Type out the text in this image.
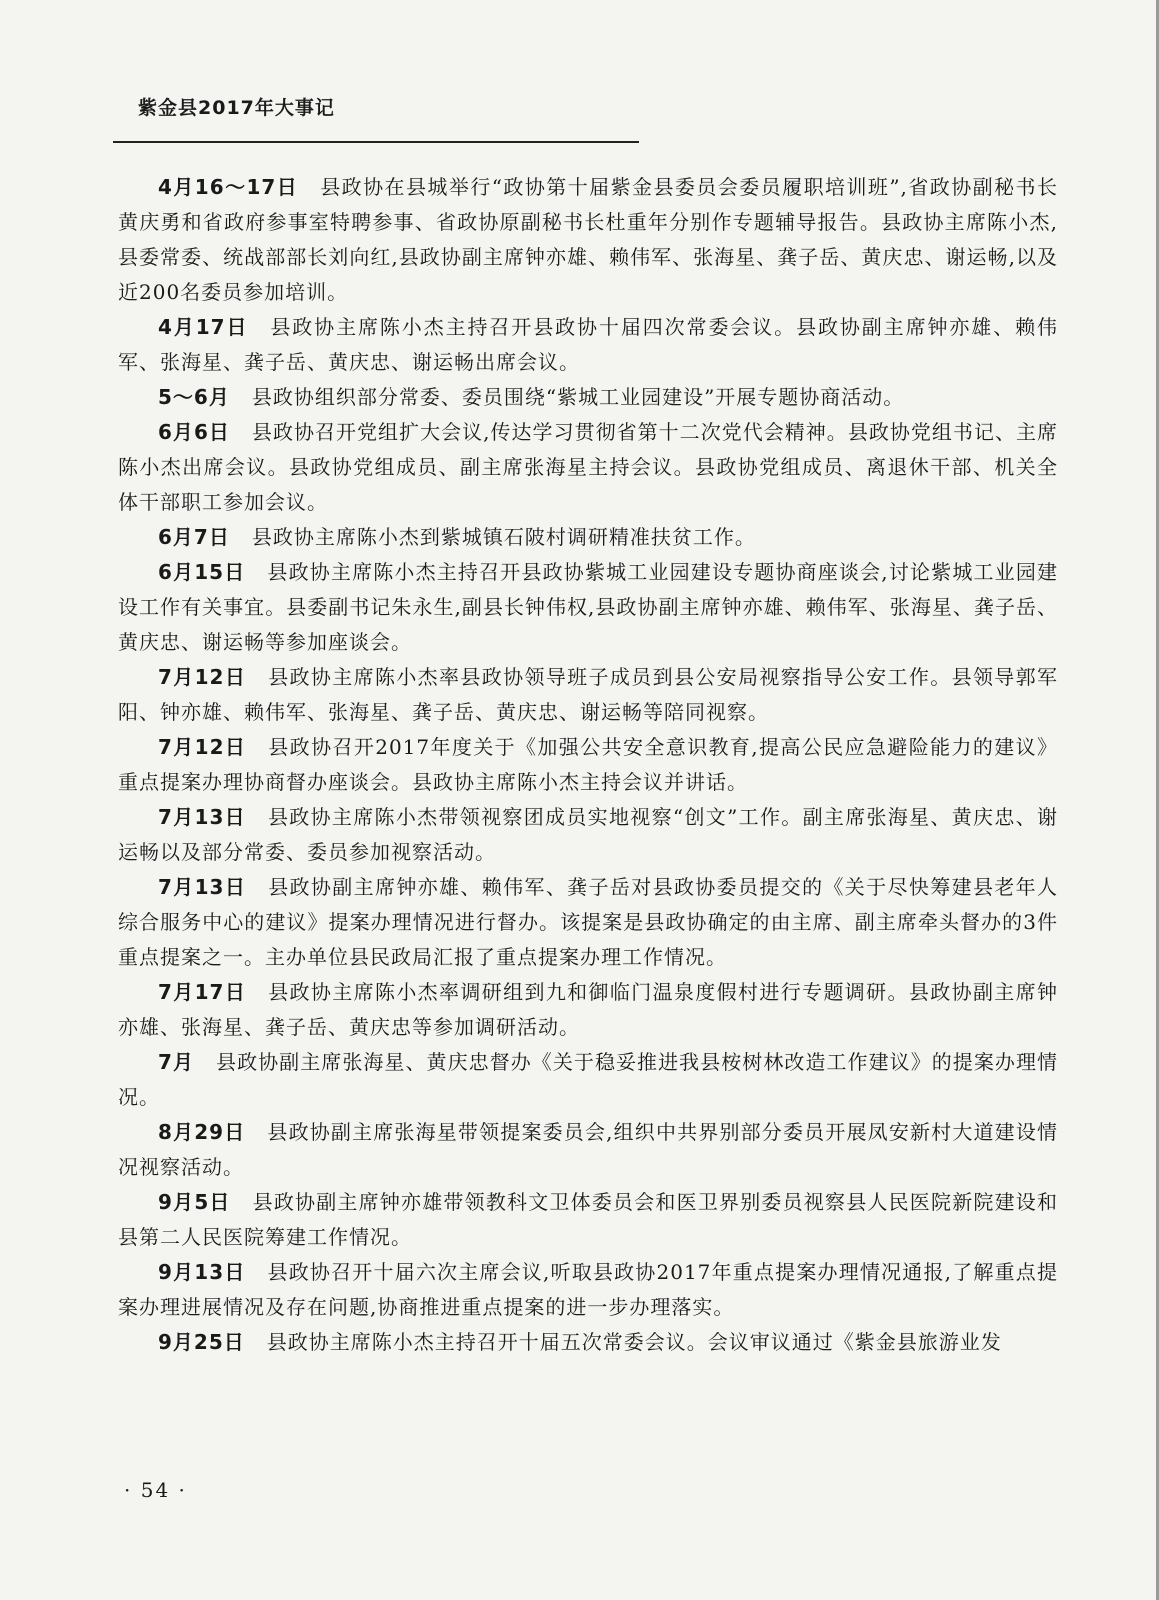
紫金县2017年大事记

4月16～17日 县政协在县城举行“政协第十届紫金县委员会委员履职培训班”,省政协副秘书长黄庆勇和省政府参事室特聘参事、省政协原副秘书长杜重年分别作专题辅导报告。县政协主席陈小杰,县委常委、统战部部长刘向红,县政协副主席钟亦雄、赖伟军、张海星、龚子岳、黄庆忠、谢运畅,以及近200名委员参加培训。

4月17日 县政协主席陈小杰主持召开县政协十届四次常委会议。县政协副主席钟亦雄、赖伟军、张海星、龚子岳、黄庆忠、谢运畅出席会议。

5～6月 县政协组织部分常委、委员围绕“紫城工业园建设”开展专题协商活动。

6月6日 县政协召开党组扩大会议,传达学习贯彻省第十二次党代会精神。县政协党组书记、主席陈小杰出席会议。县政协党组成员、副主席张海星主持会议。县政协党组成员、离退休干部、机关全体干部职工参加会议。

6月7日 县政协主席陈小杰到紫城镇石陂村调研精准扶贫工作。

6月15日 县政协主席陈小杰主持召开县政协紫城工业园建设专题协商座谈会,讨论紫城工业园建设工作有关事宜。县委副书记朱永生,副县长钟伟权,县政协副主席钟亦雄、赖伟军、张海星、龚子岳、黄庆忠、谢运畅等参加座谈会。

7月12日 县政协主席陈小杰率县政协领导班子成员到县公安局视察指导公安工作。县领导郭军阳、钟亦雄、赖伟军、张海星、龚子岳、黄庆忠、谢运畅等陪同视察。

7月12日 县政协召开2017年度关于《加强公共安全意识教育,提高公民应急避险能力的建议》重点提案办理协商督办座谈会。县政协主席陈小杰主持会议并讲话。

7月13日 县政协主席陈小杰带领视察团成员实地视察“创文”工作。副主席张海星、黄庆忠、谢运畅以及部分常委、委员参加视察活动。

7月13日 县政协副主席钟亦雄、赖伟军、龚子岳对县政协委员提交的《关于尽快筹建县老年人综合服务中心的建议》提案办理情况进行督办。该提案是县政协确定的由主席、副主席牵头督办的3件重点提案之一。主办单位县民政局汇报了重点提案办理工作情况。

7月17日 县政协主席陈小杰率调研组到九和御临门温泉度假村进行专题调研。县政协副主席钟亦雄、张海星、龚子岳、黄庆忠等参加调研活动。

7月 县政协副主席张海星、黄庆忠督办《关于稳妥推进我县桉树林改造工作建议》的提案办理情况。

8月29日 县政协副主席张海星带领提案委员会,组织中共界别部分委员开展凤安新村大道建设情况视察活动。

9月5日 县政协副主席钟亦雄带领教科文卫体委员会和医卫界别委员视察县人民医院新院建设和县第二人民医院筹建工作情况。

9月13日 县政协召开十届六次主席会议,听取县政协2017年重点提案办理情况通报,了解重点提案办理进展情况及存在问题,协商推进重点提案的进一步办理落实。

9月25日 县政协主席陈小杰主持召开十届五次常委会议。会议审议通过《紫金县旅游业发

· 54 ·
